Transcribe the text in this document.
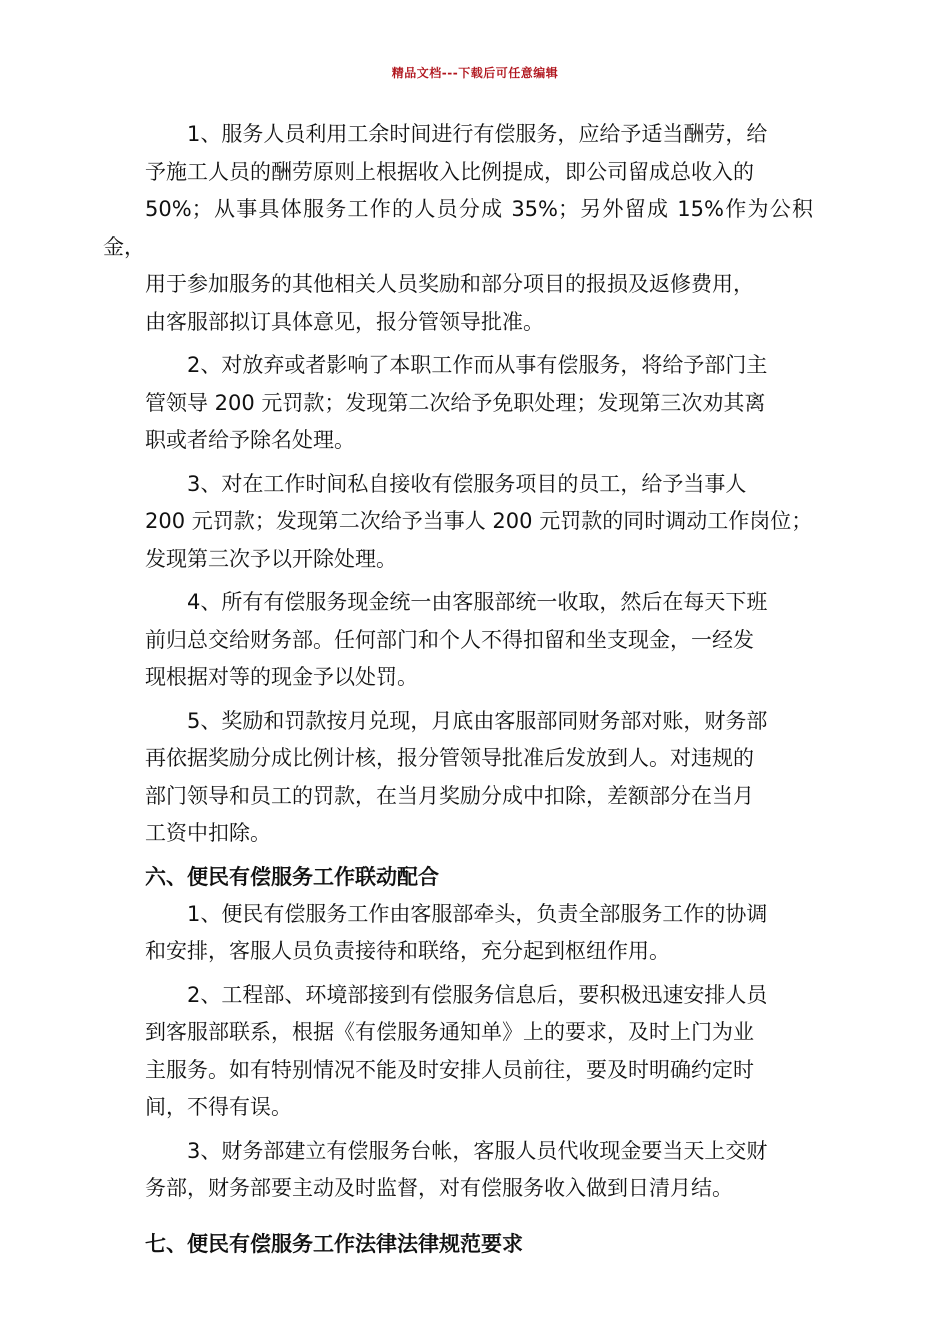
精品文档---下载后可任意编辑
1、服务人员利用工余时间进行有偿服务，应给予适当酬劳，给
予施工人员的酬劳原则上根据收入比例提成，即公司留成总收入的
50%；从事具体服务工作的人员分成 35%；另外留成 15%作为公积金，
用于参加服务的其他相关人员奖励和部分项目的报损及返修费用，
由客服部拟订具体意见，报分管领导批准。
2、对放弃或者影响了本职工作而从事有偿服务，将给予部门主
管领导 200 元罚款；发现第二次给予免职处理；发现第三次劝其离
职或者给予除名处理。
3、对在工作时间私自接收有偿服务项目的员工，给予当事人
200 元罚款；发现第二次给予当事人 200 元罚款的同时调动工作岗位；
发现第三次予以开除处理。
4、所有有偿服务现金统一由客服部统一收取，然后在每天下班
前归总交给财务部。任何部门和个人不得扣留和坐支现金，一经发
现根据对等的现金予以处罚。
5、奖励和罚款按月兑现，月底由客服部同财务部对账，财务部
再依据奖励分成比例计核，报分管领导批准后发放到人。对违规的
部门领导和员工的罚款，在当月奖励分成中扣除，差额部分在当月
工资中扣除。
六、便民有偿服务工作联动配合
1、便民有偿服务工作由客服部牵头，负责全部服务工作的协调
和安排，客服人员负责接待和联络，充分起到枢纽作用。
2、工程部、环境部接到有偿服务信息后，要积极迅速安排人员
到客服部联系，根据《有偿服务通知单》上的要求，及时上门为业
主服务。如有特别情况不能及时安排人员前往，要及时明确约定时
间，不得有误。
3、财务部建立有偿服务台帐，客服人员代收现金要当天上交财
务部，财务部要主动及时监督，对有偿服务收入做到日清月结。
七、便民有偿服务工作法律法律规范要求
